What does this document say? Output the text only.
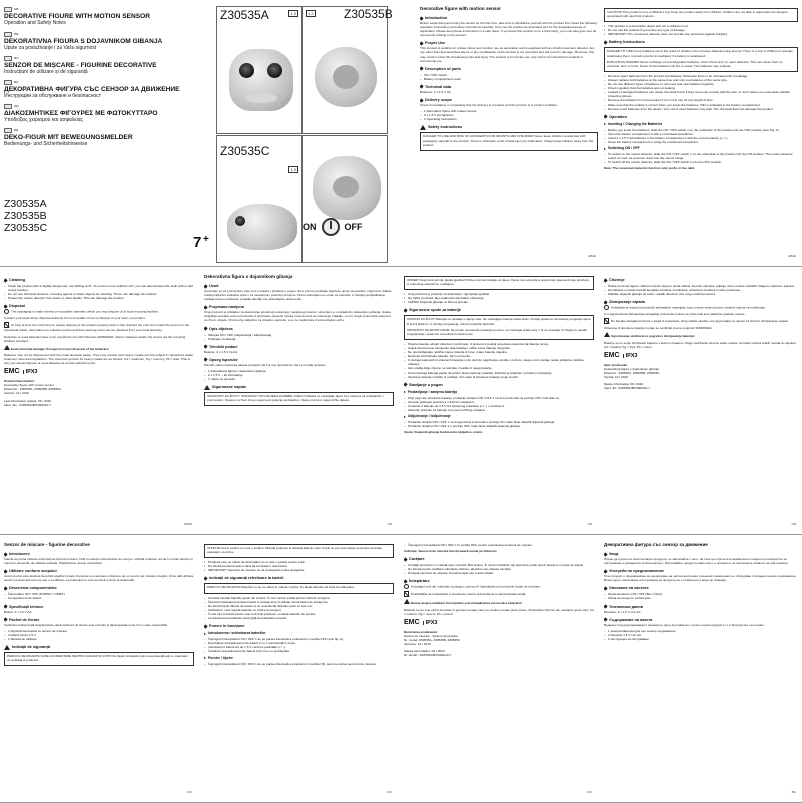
GB
DECORATIVE FIGURE WITH MOTION SENSOR
Operation and Safety Notes
HR
DEKORATIVNA FIGURA S DOJAVNIKOM GIBANJA
Upute za posluživanje i za Vašu sigurnost
RO
SENZOR DE MIȘCARE - FIGURINE DECORATIVE
Instrucțiuni de utilizare și de siguranță
BG
ДЕКОРАТИВНА ФИГУРА СЪС СЕНЗОР ЗА ДВИЖЕНИЕ
Инструкции за обслужване и безопасност
GR
ΔΙΑΚΟΣΜΗΤΙΚΕΣ ΦΙΓΟΥΡΕΣ ΜΕ ΦΩΤΟΚΥΤΤΑΡΟ
Υποδείξεις χειρισμού και ασφαλείας
DE
DEKO-FIGUR MIT BEWEGUNGSMELDER
Bedienungs- und Sicherheitshinweise
Z30535A
Z30535B
Z30535C
7 +
Z30535A	1 2	1 2
Z30535C
1 2
Z30535B
ON	OFF
Decorative figure with motion sensor
Introduction
Before assembling and using the device for the first time, take time to familiarise yourself with the product first. Read the following operation instructions and safety instructions carefully. Only use the product as described and for the designated areas of application. Please keep these instructions in a safe place. If you hand this product on to a third party, you must also give over all documents relating to the product.
Proper Use
This product is suitable for private indoor and outdoor use as decoration and is equipped with an inbuilt movement detector. Any use other than that described above or any modification of the product is not permitted and will result in damage. Moreover, this may result in other life-threatening risks and injury. The product is for private use only and is not intended for medical or commercial use.
Description of parts
– ON / OFF switch
– Battery compartment cover
Technical data
Batteries: 2 x 1.5 V AA
Delivery scope
Check immediately on unpacking that the delivery is complete and the product is in perfect condition.
– 1 Decorative figure with motion sensor
– 2 x 1.5 V AA batteries
– 1 Operating instructions
Safety Instructions
DANGER TO LIFE AND RISK OF ACCIDENTS FOR INFANTS AND CHILDREN! Never leave children unattended with packaging material or the product. There is otherwise a risk of fatal injury by suffocation. Always keep children away from the product.
GB/IE
CAUTION! This product is not a children's toy! Keep the product away from children. Children are not able to appreciate the dangers associated with electrical products.
▪ This product is a decorative object and not a children's toy!
▪ Do not use the product if you notice any type of damage.
▪ IMPORTANT! The movement detector does not provide any protection against burglary.
Battery Instructions
DANGER TO LIFE! Keep batteries out of the reach of children. Do not leave batteries lying around. There is a risk of children or animals swallowing them. Consult a doctor immediately if a battery is swallowed.
EXPLOSION HAZARD! Never recharge non-rechargeable batteries, short circuit and / or open batteries. This can cause them to overheat, burn or burst. Never throw batteries into fire or water. The batteries may explode.
– Remove spent batteries from the product immediately. Otherwise there is an increased risk of leakage.
– Always replace both batteries at the same time and only use batteries of the same type.
– Do not use different types of batteries or mix used and new batteries together.
– Check regularly that the batteries are not leaking.
– Leaked or damaged batteries can cause chemical burns if they come into contact with the skin; in such cases you must wear suitable protective gloves.
– Remove the batteries from the product if it is not in use for any length of time.
– Make sure that the polarity is correct when you insert the batteries. This is indicated in the battery compartment.
– Remove used batteries from the device. Very old or used batteries may leak. The chemical fluid can damage the product.
Operation
Inserting / Changing the Batteries
– Before you insert the batteries, slide the ON / OFF switch 1 on the underside of the product into the OFF position (see Fig. A).
– Open the battery compartment 2 with a crosshead screwdriver.
– Insert 2 x 1.5 V AA batteries in the battery compartment 2 with the correct polarity (+ / -).
– Close the battery compartment 2 using the crosshead screwdriver.
Switching ON / OFF
– To switch on the motion detector, slide the ON / OFF switch 1 on the underside of the product into the ON position. The motion detector reacts as soon as a person steps into the sensor range.
– To switch off the motion detector, slide the ON / OFF switch 1 into the OFF position.
Note: The movement detector function only works in the dark.
GB/IE
Cleaning
– Clean the product with a slightly dampened, non-fluffing cloth. To remove more stubborn dirt, you can also dampen the cloth with a mild soapy solution.
– Do not use chemical cleaners, scouring agents or sharp objects for cleaning. These can damage the product.
– Protect the motion detector from water or other liquids. This can damage the product.
Disposal
The packaging is made entirely of recyclable materials, which you may dispose of at local recycling facilities.
Contact your local refuse disposal authority for more details of how to dispose of your worn-out product.
To help protect the environment, please dispose of the product properly when it has reached the end of its useful life and not in the household waste. Information on collection points and their opening hours can be obtained from your local authority.
Defective or used batteries have to be recycled in line with Directive 2006/66/EC. Return batteries and/or the device via the recycling facilities provided.
Environmental damage through incorrect disposal of the batteries!
Batteries may not be disposed of with the usual domestic waste. They may contain toxic heavy metals and are subject to hazardous waste treatment rules and regulations. The chemical symbols for heavy metals are as follows: Cd = cadmium, Hg = mercury, Pb = lead. That is why you should dispose of used batteries at a local collection point.
EMC	IPX3
Product Description:
Decorative figure with motion sensor
Model No.: Z30535A, Z30535B, Z30535C
Version: 12 / 2010
Last information update: 09 / 2010
Ident.-No.: Z30535A/B/C092010-7
GB/IE
Dekorativna figura s dojavnikom gibanja
Uvod
Upoznajte se sa proizvodom prije prve montaže i puštanja u pogon. Za to pomno pročitajte slijedeće upute za uporabu i sigurnost. Rabite uređaj isključivo sukladno opisu i za navedenom području primjene. Dobro sačuvajte ove upute za uporabu. U slučaju prosljeđivanja uređaja trećem osobama, predajte također sve pripadajuće dokumente.
Propisana namjena
Ovaj proizvod je prikladan za dekoriranje privatnog unutarnjeg i vanjskog prostora i opremljen je s ugrađenim dojavnikom gibanja. Svaka drugačija uporaba ovisno proizvoda iz prethodno opisanih uzroka može dovesti do oštećenja. Nadalje, ovo bi moglo prouzročiti opasnost po život i ozljede. Proizvod je isključivo za privatnu upotrebu, a ne za medicinske ili komercijalne svrhe.
Opis dijelova
– Sklopka ON / OFF (uključivanja / isključivanja)
– Poklopac za baterije
Tehnički podaci
Baterije: 2 x 1,5 V tip AA
Opseg isporuke
Odmah nakon otvaranja paketa provjerite da li je sve isporučeno i da li je uređaj ispravan.
– 1 Dekorativna figura s dojavnikom gibanja
– 2 x 1,5 V ~ tip AA baterije
– 1 Upute za uporabu
Sigurnosne napute
OPASNOST ZA ŽIVOT I OPASNOST OD OZLJEDA ZA BEBE I DJECU! Nikada ne ostavljajte djecu bez nadzora sa ambalažom i proizvodom. Opasno za život zbog mogućnosti gušenja ambalažom. Djeke proizvod uvijek držite daleko.
HR
OPREZ! Ovaj proizvod nije dječja igračka! Držite proizvod podalje od djece. Djeca nisu sposobna prepoznati opasnosti koje proizlaze iz rukovanja električnim uređajima.
▪ Ovaj proizvod je predmet za dekoraciju i nije dječja igračka!
▪ Ne rabite proizvod, ako ustanovite bilo kakvo oštećenje.
▪ VAŽNO! Dojavnik gibanja ne štiti od provale.
Sigurnosne upute za baterije
OPASNO ZA ŽIVOT! Baterije ne spadaju u dječje ruke. Ne ostavljajte baterije ležati okolo. Postoji opasnost da baterije progutaju djeca ili kućni ljubimci. U slučaju progutanja, odmah potražite liječnika.
OPASNOST OD EKSPLOZIJE! Ne punite nenapunjive baterije ponovo, ne izazivajte kratki spoj i / ili ne otvarajte ih. Moglo bi nastati pregrijavanje, opasnost od požara ili rasprsnuće.
– Prazne baterije odmah uklonite iz proizvoda. U protivnom postoji povećana opasnost da baterije iscure.
– Uvijek istovremeno zamijenite obje baterije i rabite samo baterije istog tipa.
– Ne upotrebljavajte različite tipove baterija ili nove i stare baterije zajedno.
– Redovito kontrolirajte baterije, da li su iscurile.
– U slučaju isteknutih ili oštećenih baterija može doći do nagrizanja u dodiru s kožom, stoga u tom slučaju nosite prikladne zaštitne rukavice.
– Ako uređaj dulje vrijeme ne koristite, izvadite iz njega baterije.
– Kod umetanja baterija pazite da pritom bude ispravan polaritet. Polaritet je prikazan u pretincu za baterije.
– Istrošene baterije izvadite iz uređaja. Vrlo stare ili istrošene baterije mogu iscuriti.
Stavljanje u pogon
Postavljanje / zamjena baterija
– Prije nego što umetnete baterije, prebacite sklopku ON / OFF 1 na dnu proizvoda na poziciju OFF (vidi sliku A).
– Otvorite poklopac pretinca 2 s križnim odvijačem.
– Umetnite 2 baterije od 1,5 V AA ispravnog polariteta (+ / -) u pretinac 2.
– Zatvorite pretinac za baterije 2 pomoću križnog odvijača.
Uključivanje / isključivanje
– Prebacite sklopku ON / OFF 1 na donjoj strani proizvoda u poziciju ON, kako biste uključili dojavnik gibanja.
– Prebacite sklopku ON / OFF 1 u poziciju OFF, kako biste isključili dojavnik gibanja.
Uputa: Dojavnik gibanja funkcionira isključivo u tami.
HR
Čišćenje
– Čistite proizvod lagano vlažnom krpom koja ne pušta vlakna. Za teže uklonjivo prljanje, krpu možete navlažiti i blagom otopinom sapuna.
– Za čišćenje nemojte koristiti kemijska sredstva za čišćenje, abrazivna sredstva ni oštre predmete.
– Zaštitite dojavnik gibanja od vode i ostalih tekućina. Oni mogu oštetiti proizvod.
Zbrinjavanje otpada
Ambalaža se sastoji od ekološki prihvatljivih materijala, koje možete zbrinuti putem lokalnih mjesta za recikliranje.
O mogućnostima zbrinjavanja dotrajalog proizvoda možete se informirati kod nadležne gradske uprave.
Ne bacajte dotrajali proizvod u otpad iz kućanstva, zbog zaštite okoliša, već ga predajte na mjesto za stručno zbrinjavanje otpada.
Oštećene ili istrošene baterije moraju se reciklirati prema smjernici 2006/66/EC.
Ugrožavanje okoliša kroz pogrešno zbrinjavanje baterija!
Baterije se ne smiju zbrinjavati zajedno s kućnim otpadom. Mogu sadržavati otrovne teške metale. Kemijski simboli teških metala su sljedeći: Cd = kadmij, Hg = živa, Pb = olovo.
EMC	IPX3
Opis proizvoda:
Dekorativna figura s dojavnikom gibanja
Model br.: Z30535A, Z30535B, Z30535C
Verzija: 12 / 2010
Stanje informacija: 09 / 2010
Ident.-Br.: Z30535A/B/C092010-7
HR
Senzor de mișcare - figurine decorative
Introducere
Înainte de prima utilizare informați-vă privind produsul. Citiți cu atenție instrucțiunile de mai jos. Utilizați produsul numai în modul descris și numai în domeniile de utilizare indicate. Păstrați bine aceste instrucțiuni.
Utilizare conform scopului
Acest produs este destinat decorării spațiilor private interioare și exterioare și dispune de un senzor de mișcare integrat. Orice altă utilizare decât cea descrisă mai sus sau o modificare a produsului nu este permisă și duce la deteriorări.
Descrierea componentelor
– Întrerupător ON / OFF (PORNIT / OPRIT)
– Compartiment de baterii
Specificații tehnice
Baterii: 2 x 1,5 V AA
Pachet de livrare
Verificați imediat după despachetare dacă pachetul de livrare este complet și dacă aparatul este într-o stare impecabilă.
– 1 Figurină decorativă cu senzor de mișcare
– 2 baterii AA de 1,5 V
– 1 Manual de utilizare
Indicații de siguranță
PERICOL DE MOARTE ȘI DE ACCIDENTARE PENTRU SUGARI ȘI COPII! Nu lăsați niciodată copiii nesupravegheați cu materialul de ambalaj și produsul.
RO
ATENȚIE! Acest produs nu este o jucărie! Păstrați produsul la distanță față de copii. Copiii nu pot recunoaște pericolele asociate aparatelor electrice.
▪ Produsul este un obiect de decorațiuni și nu este o jucărie pentru copii!
▪ Nu folosiți produsul atunci când ați constatat o deteriorare.
▪ IMPORTANT! Senzorul de mișcare nu vă protejează contra spargerilor.
Indicații de siguranță referitoare la baterii
PERICOL DE MOARTE! Bateriile nu au ce căuta în mâinile copiilor. Nu lăsați bateriile să zacă la întâmplare.
– Scoateți imediat bateriile goale din produs. În caz contrar există pericol mărit de scurgere.
– Înlocuiți întotdeauna ambele baterii în același timp și utilizați numai baterii de același tip.
– Nu folosiți tipuri diferite de baterii și nu amestecați bateriile vechi cu cele noi.
– Verificați în mod regulat bateriile cu privire la scurgeri.
– În caz că nu folosiți pentru mai mult timp produsul, scoateți bateriile din acesta.
– La introducerea bateriilor aveți grijă la polaritatea corectă.
Punere în funcțiune
Introducerea / schimbarea bateriilor
– Împingeți întrerupătorul ON / OFF 1 de pe partea inferioară a produsului în poziția OFF (vezi fig. A).
– Deschideți compartimentul de baterii 2 cu o șurubelniță în cruce.
– Introduceți 2 baterii AA de 1,5 V conform polarității (+ / -).
– Închideți compartimentul de baterii 2 din nou cu șurubelnița.
Pornire / Oprire
– Împingeți întrerupătorul ON / OFF 1 de pe partea inferioară a produsului în poziția ON, pentru a activa senzorul de mișcare.
RO
– Împingeți întrerupătorul ON / OFF 1 în poziția OFF, pentru a dezactiva senzorul de mișcare.
Indicație: Senzorul de mișcare funcționează numai pe întuneric.
Curățare
– Curățați produsul cu o lavetă ușor umezită, fără scame. În cazul murdăriei mai puternice puteți umezi laveta și cu leșie de săpun.
– Nu folosiți pentru curățare substanțe chimice, abrazive sau obiecte ascuțite.
– Protejați senzorul de mișcare împotriva apei sau a altor lichide.
Îndepărtare
Ambalajul este din materiale ecologice, care pot fi îndepărtate prin punctele locale de reciclare.
Posibilitățile de îndepărtare a produsului uzat le puteți afla de la administrația locală.
Daune asupra mediului înconjurător prin îndepărtarea incorectă a bateriilor!
Bateriile nu au voie să fie aruncate în gunoiul menajer. Ele pot conține metale grele toxice. Simbolurile chimice ale metalelor grele sunt: Cd = cadmiu, Hg = mercur, Pb = plumb.
EMC	IPX3
Descrierea produsului:
Senzor de mișcare - figurine decorative
Nr. model: Z30535A, Z30535B, Z30535C
Versiune: 12 / 2010
Starea informațiilor: 09 / 2010
Nr. identif.: Z30535A/B/C092010-7
RO
Декоративна фигура със сензор за движение
Увод
Преди да пуснете в експлоатация продукта, се запознайте с него. За тази цел прочетете внимателно следното ръководство за обслужване и указанията за безопасност. Използвайте продукта само както е описано и за посочените области на приложение.
Употреба по предназначение
Този продукт е предназначен за декориране на частни вътрешни и външни помещения и е оборудван с вграден сензор за движение. Всяко друго използване или промяна на продукта не е позволено и води до повреди.
Описание на частите
– Превключвател ON / OFF (Вкл / Изкл)
– Капак на гнездото за батерии
Технически данни
Батерии: 2 x 1,5 V тип AA
Съдържание на пакета
Веднага след разопаковането проверете дали доставката е пълна и дали продуктът е в безупречно състояние.
– 1 декоративна фигура със сензор за движение
– 2 батерии 1,5 V тип AA
– 1 инструкция за обслужване
BG
